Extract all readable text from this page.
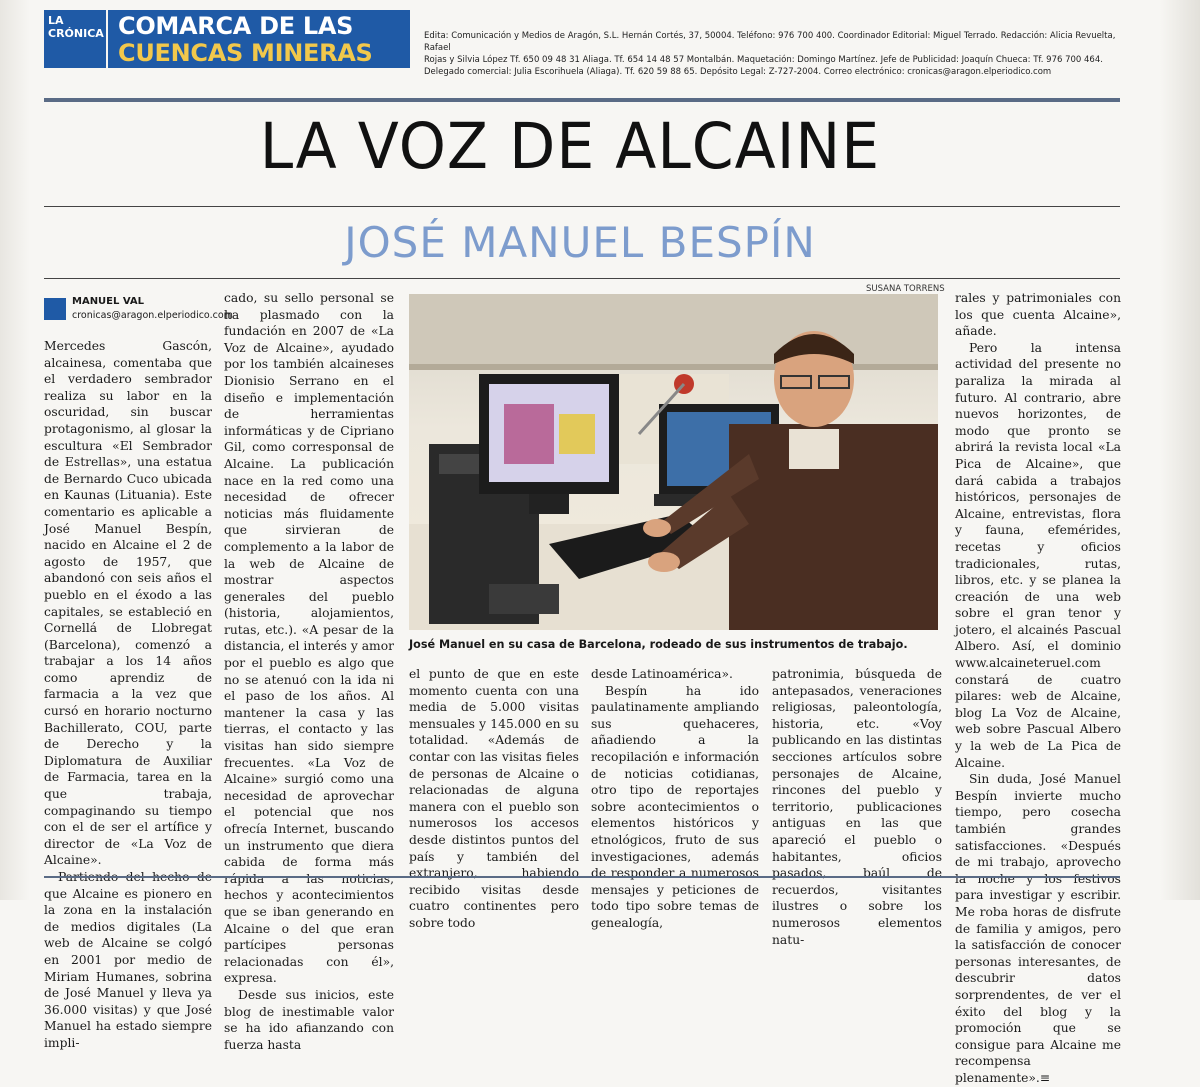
LA CRÓNICA COMARCA DE LAS
CUENCAS MINERAS
Edita: Comunicación y Medios de Aragón, S.L. Hernán Cortés, 37, 50004. Teléfono: 976 700 400. Coordinador Editorial: Miguel Terrado. Redacción: Alicia Revuelta, Rafael
Rojas y Silvia López Tf. 650 09 48 31 Aliaga. Tf. 654 14 48 57 Montalbán. Maquetación: Domingo Martínez. Jefe de Publicidad: Joaquín Chueca: Tf. 976 700 464.
Delegado comercial: Julia Escorihuela (Aliaga). Tf. 620 59 88 65. Depósito Legal: Z-727-2004. Correo electrónico: cronicas@aragon.elperiodico.com
LA VOZ DE ALCAINE
JOSÉ MANUEL BESPÍN
MANUEL VAL
cronicas@aragon.elperiodico.com
SUSANA TORRENS

Mercedes Gascón, alcainesa, comentaba que el verdadero sembrador realiza su labor en la oscuridad, sin buscar protagonismo, al glosar la escultura «El Sembrador de Estrellas», una estatua de Bernardo Cuco ubicada en Kaunas (Lituania). Este comentario es aplicable a José Manuel Bespín, nacido en Alcaine el 2 de agosto de 1957, que abandonó con seis años el pueblo en el éxodo a las capitales, se estableció en Cornellá de Llobregat (Barcelona), comenzó a trabajar a los 14 años como aprendiz de farmacia a la vez que cursó en horario nocturno Bachillerato, COU, parte de Derecho y la Diplomatura de Auxiliar de Farmacia, tarea en la que trabaja, compaginando su tiempo con el de ser el artífice y director de «La Voz de Alcaine».

Partiendo del hecho de que Alcaine es pionero en la zona en la instalación de medios digitales (La web de Alcaine se colgó en 2001 por medio de Miriam Humanes, sobrina de José Manuel y lleva ya 36.000 visitas) y que José Manuel ha estado siempre impli-

cado, su sello personal se ha plasmado con la fundación en 2007 de «La Voz de Alcaine», ayudado por los también alcaineses Dionisio Serrano en el diseño e implementación de herramientas informáticas y de Cipriano Gil, como corresponsal de Alcaine. La publicación nace en la red como una necesidad de ofrecer noticias más fluidamente que sirvieran de complemento a la labor de la web de Alcaine de mostrar aspectos generales del pueblo (historia, alojamientos, rutas, etc.). «A pesar de la distancia, el interés y amor por el pueblo es algo que no se atenuó con la ida ni el paso de los años. Al mantener la casa y las tierras, el contacto y las visitas han sido siempre frecuentes. «La Voz de Alcaine» surgió como una necesidad de aprovechar el potencial que nos ofrecía Internet, buscando un instrumento que diera cabida de forma más rápida a las noticias, hechos y acontecimientos que se iban generando en Alcaine o del que eran partícipes personas relacionadas con él», expresa.

Desde sus inicios, este blog de inestimable valor se ha ido afianzando con fuerza hasta

José Manuel en su casa de Barcelona, rodeado de sus instrumentos de trabajo.

el punto de que en este momento cuenta con una media de 5.000 visitas mensuales y 145.000 en su totalidad. «Además de contar con las visitas fieles de personas de Alcaine o relacionadas de alguna manera con el pueblo son numerosos los accesos desde distintos puntos del país y también del extranjero, habiendo recibido visitas desde cuatro continentes pero sobre todo

desde Latinoamérica».

Bespín ha ido paulatinamente ampliando sus quehaceres, añadiendo a la recopilación e información de noticias cotidianas, otro tipo de reportajes sobre acontecimientos o elementos históricos y etnológicos, fruto de sus investigaciones, además de responder a numerosos mensajes y peticiones de todo tipo sobre temas de genealogía,

patronimia, búsqueda de antepasados, veneraciones religiosas, paleontología, historia, etc. «Voy publicando en las distintas secciones artículos sobre personajes de Alcaine, rincones del pueblo y territorio, publicaciones antiguas en las que apareció el pueblo o habitantes, oficios pasados, baúl de recuerdos, visitantes ilustres o sobre los numerosos elementos natu-

rales y patrimoniales con los que cuenta Alcaine», añade.

Pero la intensa actividad del presente no paraliza la mirada al futuro. Al contrario, abre nuevos horizontes, de modo que pronto se abrirá la revista local «La Pica de Alcaine», que dará cabida a trabajos históricos, personajes de Alcaine, entrevistas, flora y fauna, efemérides, recetas y oficios tradicionales, rutas, libros, etc. y se planea la creación de una web sobre el gran tenor y jotero, el alcainés Pascual Albero. Así, el dominio www.alcaineteruel.com constará de cuatro pilares: web de Alcaine, blog La Voz de Alcaine, web sobre Pascual Albero y la web de La Pica de Alcaine.

Sin duda, José Manuel Bespín invierte mucho tiempo, pero cosecha también grandes satisfacciones. «Después de mi trabajo, aprovecho la noche y los festivos para investigar y escribir. Me roba horas de disfrute de familia y amigos, pero la satisfacción de conocer personas interesantes, de descubrir datos sorprendentes, de ver el éxito del blog y la promoción que se consigue para Alcaine me recompensa plenamente».≡
